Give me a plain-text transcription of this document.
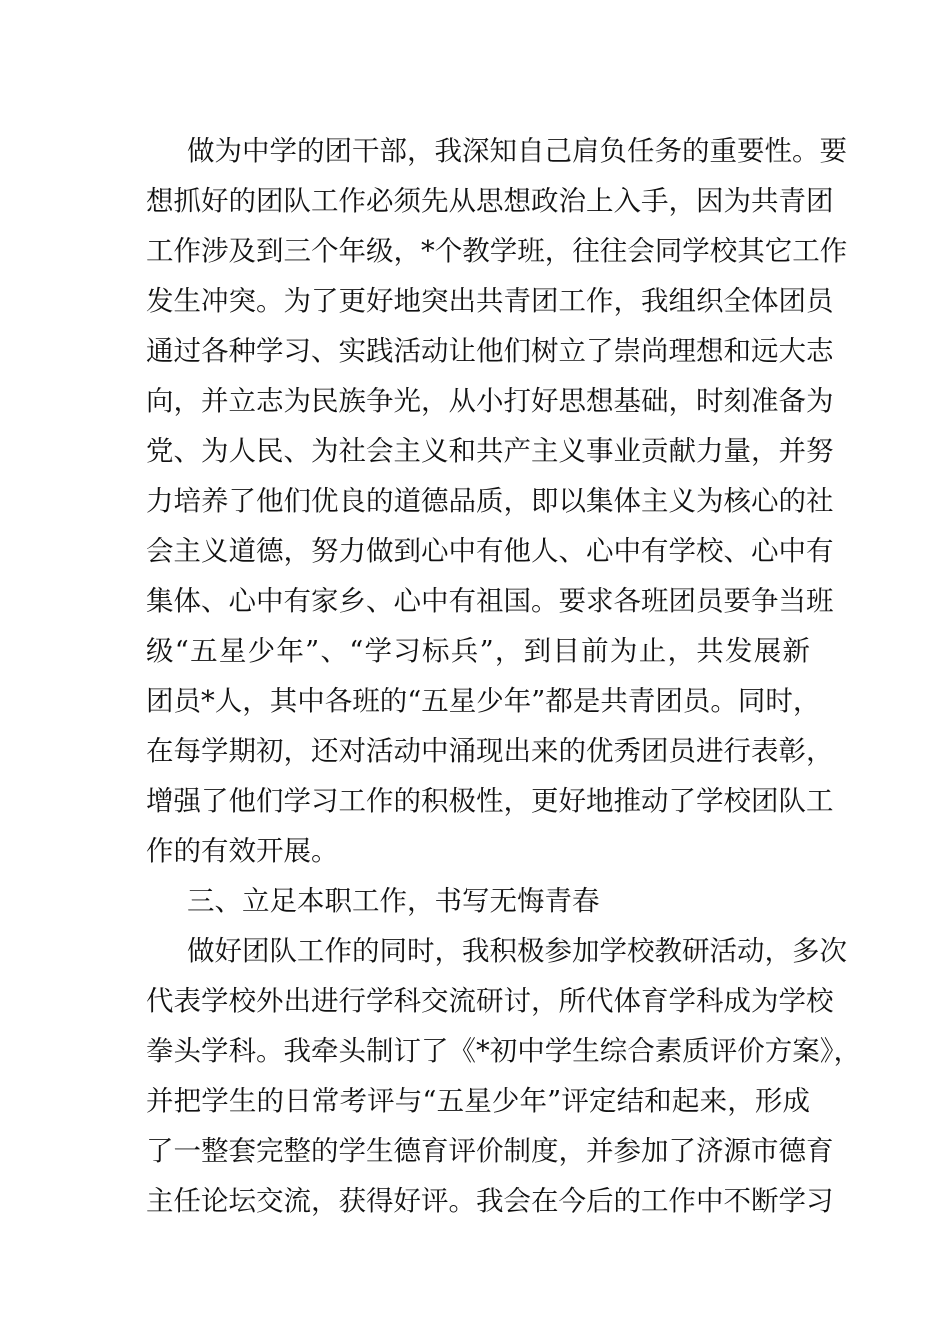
做为中学的团干部，我深知自己肩负任务的重要性。要
想抓好的团队工作必须先从思想政治上入手，因为共青团
工作涉及到三个年级，*个教学班，往往会同学校其它工作
发生冲突。为了更好地突出共青团工作，我组织全体团员
通过各种学习、实践活动让他们树立了崇尚理想和远大志
向，并立志为民族争光，从小打好思想基础，时刻准备为
党、为人民、为社会主义和共产主义事业贡献力量，并努
力培养了他们优良的道德品质，即以集体主义为核心的社
会主义道德，努力做到心中有他人、心中有学校、心中有
集体、心中有家乡、心中有祖国。要求各班团员要争当班
级“五星少年”、“学习标兵”，到目前为止，共发展新
团员*人，其中各班的“五星少年”都是共青团员。同时，
在每学期初，还对活动中涌现出来的优秀团员进行表彰，
增强了他们学习工作的积极性，更好地推动了学校团队工
作的有效开展。
三、立足本职工作，书写无悔青春
做好团队工作的同时，我积极参加学校教研活动，多次
代表学校外出进行学科交流研讨，所代体育学科成为学校
拳头学科。我牵头制订了《*初中学生综合素质评价方案》，
并把学生的日常考评与“五星少年”评定结和起来，形成
了一整套完整的学生德育评价制度，并参加了济源市德育
主任论坛交流，获得好评。我会在今后的工作中不断学习
